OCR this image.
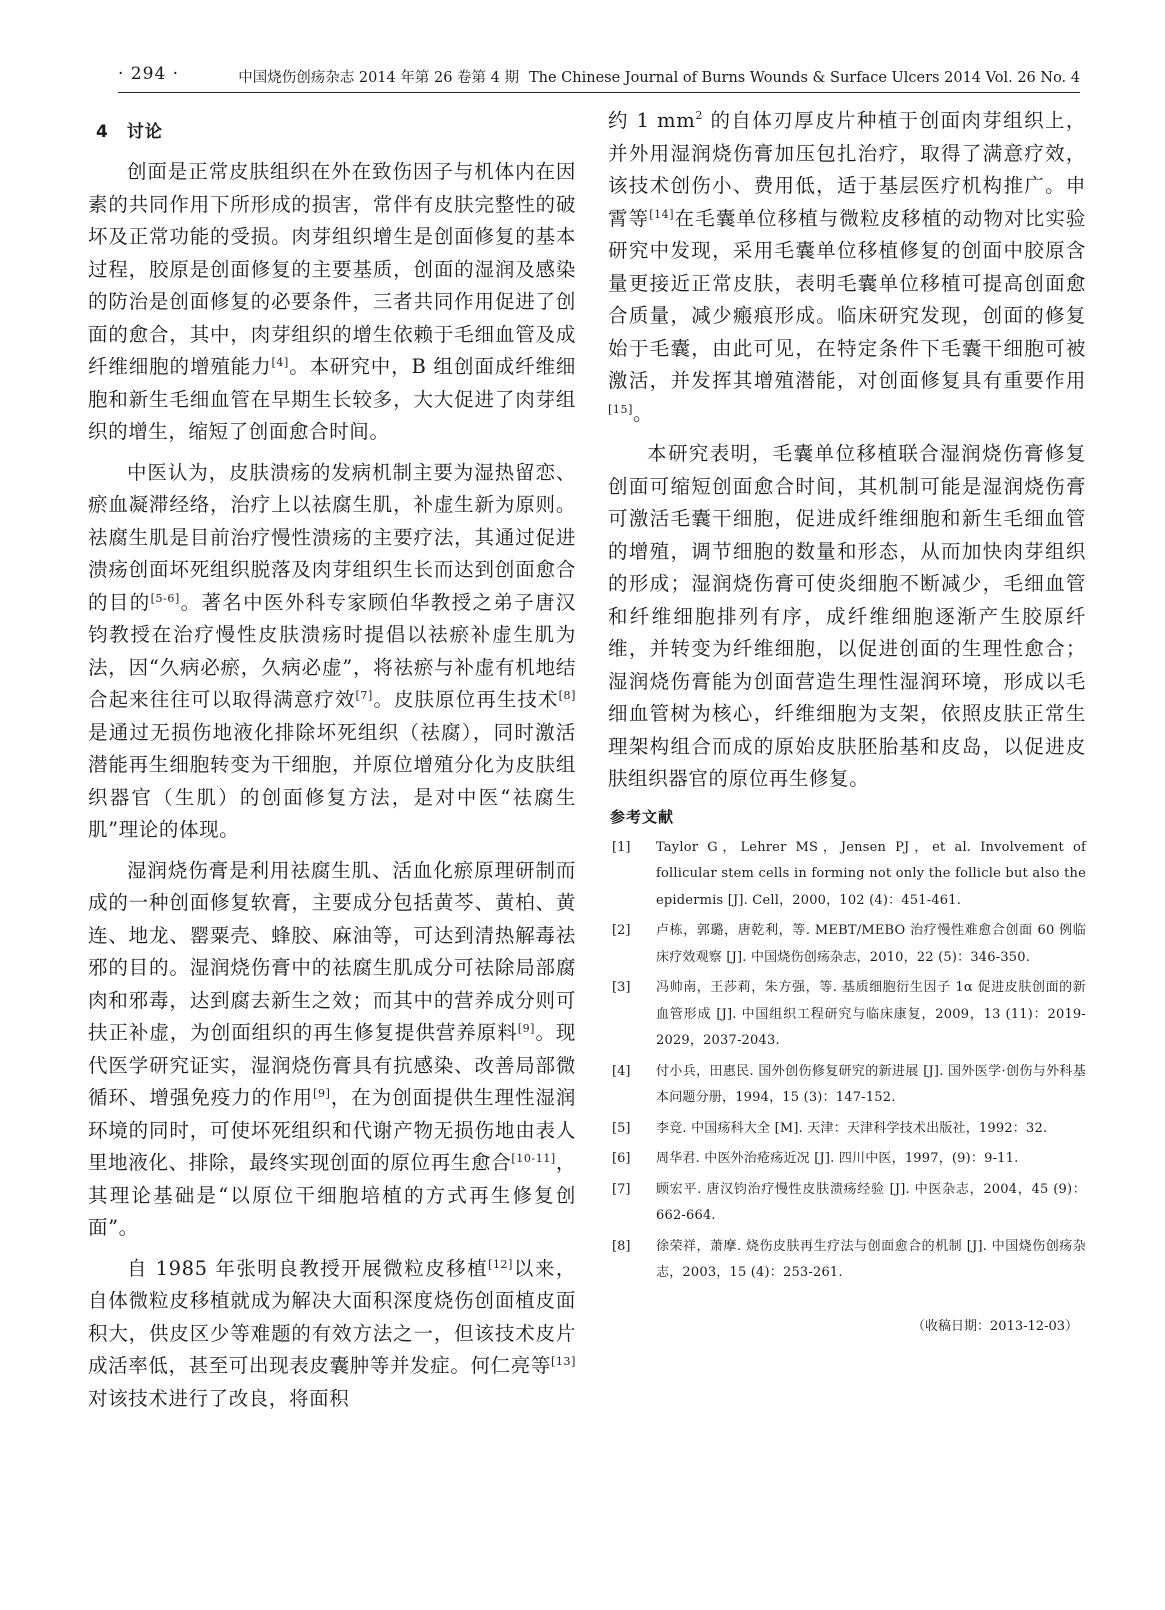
· 294 ·	中国烧伤创疡杂志 2014 年第 26 卷第 4 期 The Chinese Journal of Burns Wounds & Surface Ulcers 2014 Vol. 26 No. 4
4 讨论

创面是正常皮肤组织在外在致伤因子与机体内在因素的共同作用下所形成的损害，常伴有皮肤完整性的破坏及正常功能的受损。肉芽组织增生是创面修复的基本过程，胶原是创面修复的主要基质，创面的湿润及感染的防治是创面修复的必要条件，三者共同作用促进了创面的愈合，其中，肉芽组织的增生依赖于毛细血管及成纤维细胞的增殖能力[4]。本研究中，B 组创面成纤维细胞和新生毛细血管在早期生长较多，大大促进了肉芽组织的增生，缩短了创面愈合时间。

中医认为，皮肤溃疡的发病机制主要为湿热留恋、瘀血凝滞经络，治疗上以祛腐生肌，补虚生新为原则。祛腐生肌是目前治疗慢性溃疡的主要疗法，其通过促进溃疡创面坏死组织脱落及肉芽组织生长而达到创面愈合的目的[5-6]。著名中医外科专家顾伯华教授之弟子唐汉钧教授在治疗慢性皮肤溃疡时提倡以祛瘀补虚生肌为法，因“久病必瘀，久病必虚”，将祛瘀与补虚有机地结合起来往往可以取得满意疗效[7]。皮肤原位再生技术[8]是通过无损伤地液化排除坏死组织（祛腐），同时激活潜能再生细胞转变为干细胞，并原位增殖分化为皮肤组织器官（生肌）的创面修复方法，是对中医“祛腐生肌”理论的体现。

湿润烧伤膏是利用祛腐生肌、活血化瘀原理研制而成的一种创面修复软膏，主要成分包括黄芩、黄柏、黄连、地龙、罂粟壳、蜂胶、麻油等，可达到清热解毒祛邪的目的。湿润烧伤膏中的祛腐生肌成分可祛除局部腐肉和邪毒，达到腐去新生之效；而其中的营养成分则可扶正补虚，为创面组织的再生修复提供营养原料[9]。现代医学研究证实，湿润烧伤膏具有抗感染、改善局部微循环、增强免疫力的作用[9]，在为创面提供生理性湿润环境的同时，可使坏死组织和代谢产物无损伤地由表人里地液化、排除，最终实现创面的原位再生愈合[10-11]，其理论基础是“以原位干细胞培植的方式再生修复创面”。

自 1985 年张明良教授开展微粒皮移植[12]以来，自体微粒皮移植就成为解决大面积深度烧伤创面植皮面积大，供皮区少等难题的有效方法之一，但该技术皮片成活率低，甚至可出现表皮囊肿等并发症。何仁亮等[13]对该技术进行了改良，将面积

约 1 $mm^2$ 的自体刃厚皮片种植于创面肉芽组织上，并外用湿润烧伤膏加压包扎治疗，取得了满意疗效，该技术创伤小、费用低，适于基层医疗机构推广。申霄等[14]在毛囊单位移植与微粒皮移植的动物对比实验研究中发现，采用毛囊单位移植修复的创面中胶原含量更接近正常皮肤，表明毛囊单位移植可提高创面愈合质量，减少瘢痕形成。临床研究发现，创面的修复始于毛囊，由此可见，在特定条件下毛囊干细胞可被激活，并发挥其增殖潜能，对创面修复具有重要作用[15]。

本研究表明，毛囊单位移植联合湿润烧伤膏修复创面可缩短创面愈合时间，其机制可能是湿润烧伤膏可激活毛囊干细胞，促进成纤维细胞和新生毛细血管的增殖，调节细胞的数量和形态，从而加快肉芽组织的形成；湿润烧伤膏可使炎细胞不断减少，毛细血管和纤维细胞排列有序，成纤维细胞逐渐产生胶原纤维，并转变为纤维细胞，以促进创面的生理性愈合；湿润烧伤膏能为创面营造生理性湿润环境，形成以毛细血管树为核心，纤维细胞为支架，依照皮肤正常生理架构组合而成的原始皮肤胚胎基和皮岛，以促进皮肤组织器官的原位再生修复。

参考文献
[1]	Taylor G，Lehrer MS，Jensen PJ，et al. Involvement of follicular stem cells in forming not only the follicle but also the epidermis [J]. Cell，2000，102 (4)：451-461.
[2]	卢栋，郭璐，唐乾利，等. MEBT/MEBO 治疗慢性难愈合创面 60 例临床疗效观察 [J]. 中国烧伤创疡杂志，2010，22 (5)：346-350.
[3]	冯帅南，王莎莉，朱方强，等. 基质细胞衍生因子 1α 促进皮肤创面的新血管形成 [J]. 中国组织工程研究与临床康复，2009，13 (11)：2019-2029，2037-2043.
[4]	付小兵，田惠民. 国外创伤修复研究的新进展 [J]. 国外医学·创伤与外科基本问题分册，1994，15 (3)：147-152.
[5]	李竞. 中国疡科大全 [M]. 天津：天津科学技术出版社，1992：32.
[6]	周华君. 中医外治疮疡近况 [J]. 四川中医，1997，(9)：9-11.
[7]	顾宏平. 唐汉钧治疗慢性皮肤溃疡经验 [J]. 中医杂志，2004，45 (9)：662-664.
[8]	徐荣祥，萧摩. 烧伤皮肤再生疗法与创面愈合的机制 [J]. 中国烧伤创疡杂志，2003，15 (4)：253-261.
（收稿日期：2013-12-03）
